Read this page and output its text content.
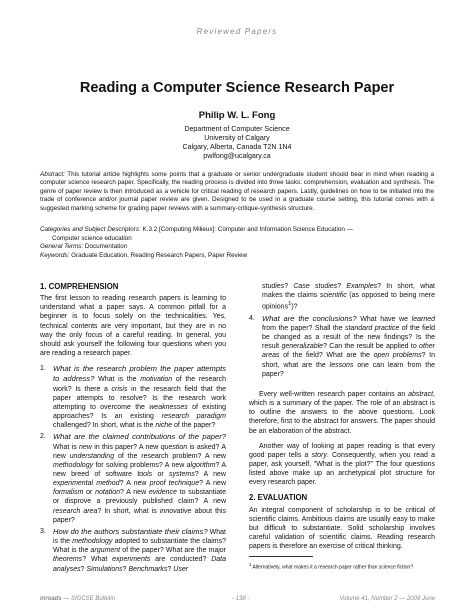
Reviewed Papers
Reading a Computer Science Research Paper
Philip W. L. Fong
Department of Computer Science
University of Calgary
Calgary, Alberta, Canada T2N 1N4
pwlfong@ucalgary.ca
Abstract: This tutorial article highlights some points that a graduate or senior undergraduate student should bear in mind when reading a computer science research paper. Specifically, the reading process is divided into three tasks: comprehension, evaluation and synthesis. The genre of paper review is then introduced as a vehicle for critical reading of research papers. Lastly, guidelines on how to be initiated into the trade of conference and/or journal paper review are given. Designed to be used in a graduate course setting, this tutorial comes with a suggested marking scheme for grading paper reviews with a summary-critique-synthesis structure.
Categories and Subject Descriptors: K.3.2 [Computing Milieux]: Computer and Information Science Education —
Computer science education
General Terms: Documentation
Keywords: Graduate Education, Reading Research Papers, Paper Review
1. COMPREHENSION

The first lesson to reading research papers is learning to understand what a paper says. A common pitfall for a beginner is to focus solely on the technicalities. Yes, technical contents are very important, but they are in no way the only focus of a careful reading. In general, you should ask yourself the following four questions when you are reading a research paper.

1. What is the research problem the paper attempts to address? What is the motivation of the research work? Is there a crisis in the research field that the paper attempts to resolve? Is the research work attempting to overcome the weaknesses of existing approaches? Is an existing research paradigm challenged? In short, what is the niche of the paper?
2. What are the claimed contributions of the paper? What is new in this paper? A new question is asked? A new understanding of the research problem? A new methodology for solving problems? A new algorithm? A new breed of software tools or systems? A new experimental method? A new proof technique? A new formalism or notation? A new evidence to substantiate or disprove a previously published claim? A new research area? In short, what is innovative about this paper?
3. How do the authors substantiate their claims? What is the methodology adopted to substantiate the claims? What is the argument of the paper? What are the major theorems? What experiments are conducted? Data analyses? Simulations? Benchmarks? User
studies? Case studies? Examples? In short, what makes the claims scientific (as opposed to being mere opinions$^1$)?
4. What are the conclusions? What have we learned from the paper? Shall the standard practice of the field be changed as a result of the new findings? Is the result generalizable? Can the result be applied to other areas of the field? What are the open problems? In short, what are the lessons one can learn from the paper?

Every well-written research paper contains an abstract, which is a summary of the paper. The role of an abstract is to outline the answers to the above questions. Look therefore, first to the abstract for answers. The paper should be an elaboration of the abstract.

Another way of looking at paper reading is that every good paper tells a story. Consequently, when you read a paper, ask yourself, "What is the plot?" The four questions listed above make up an archetypical plot structure for every research paper.

2. EVALUATION

An integral component of scholarship is to be critical of scientific claims. Ambitious claims are usually easy to make but difficult to substantiate. Solid scholarship involves careful validation of scientific claims. Reading research papers is therefore an exercise of critical thinking.

$^1$ Alternatively, what makes it a research paper rather than science fiction?
inroads — SIGCSE Bulletin	- 138 -	Volume 41, Number 2 — 2009 June
